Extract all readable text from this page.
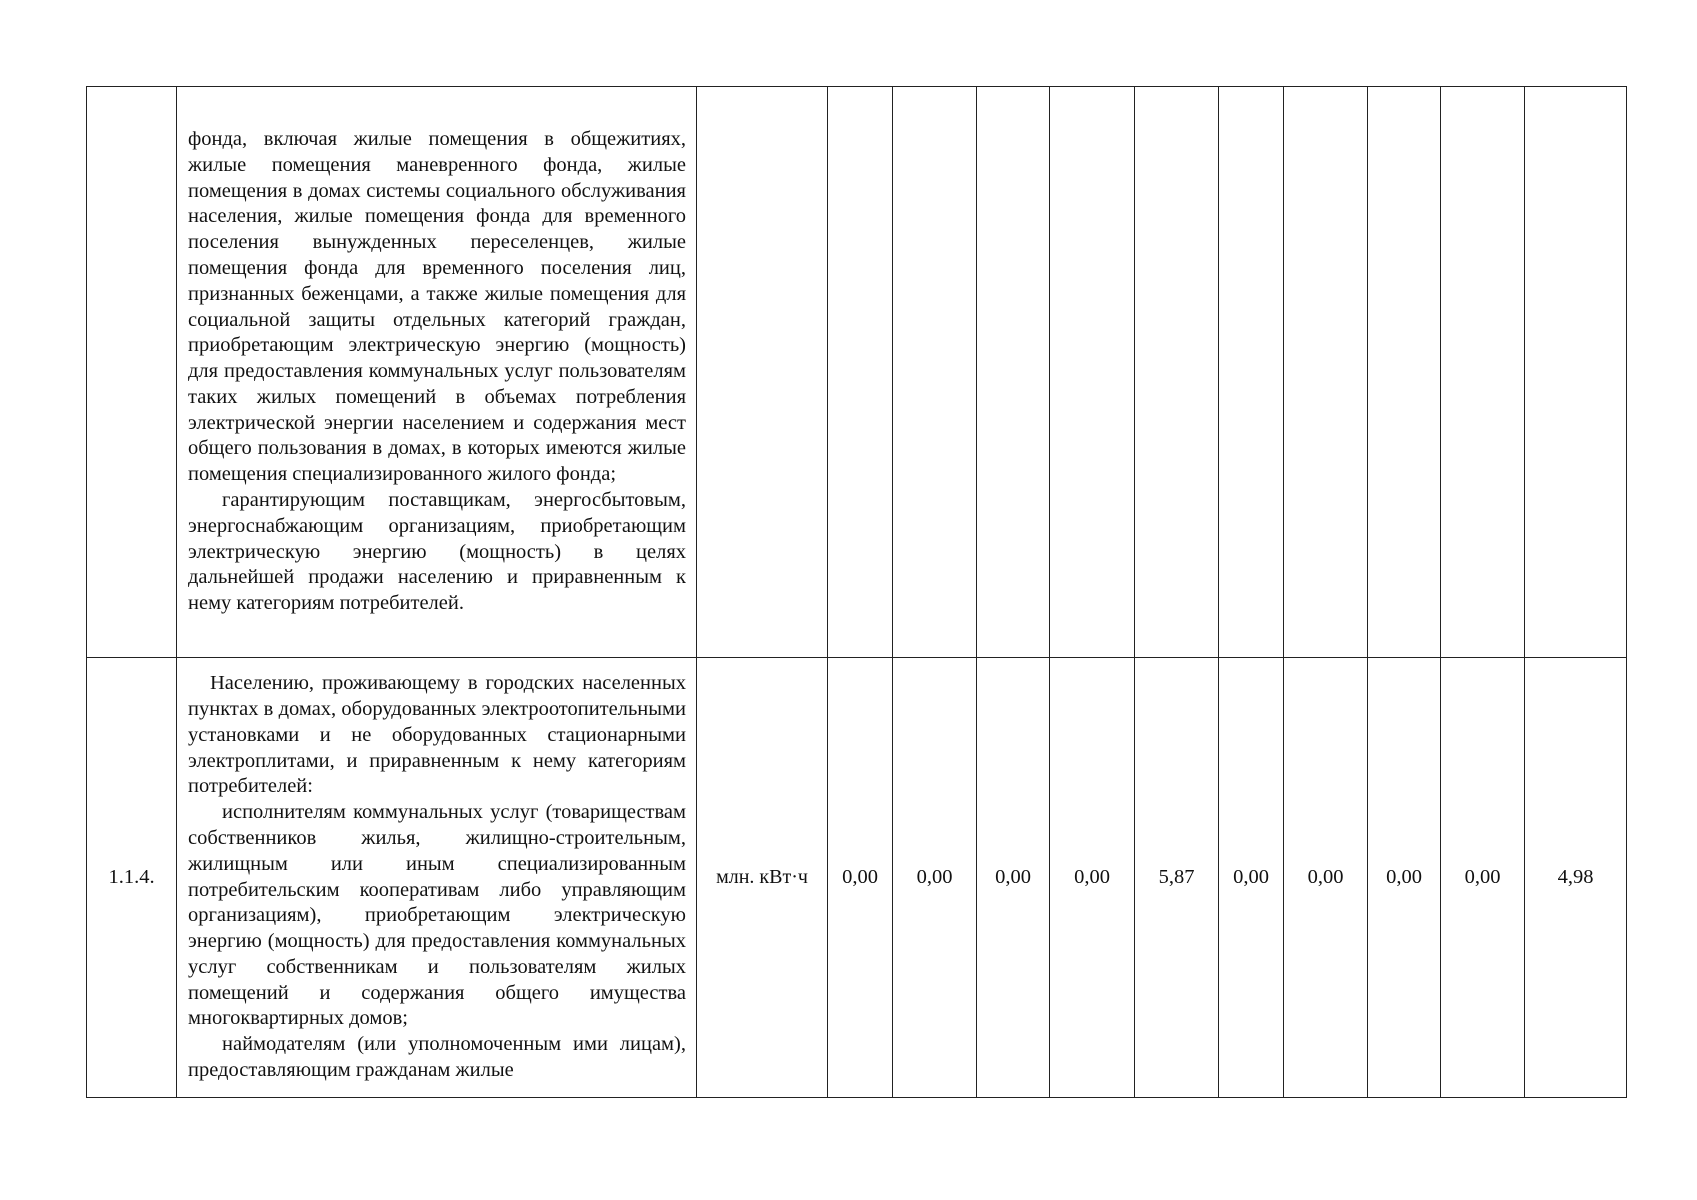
	фонда, включая жилые помещения в общежитиях, жилые помещения маневренного фонда, жилые помещения в домах системы социального обслуживания населения, жилые помещения фонда для временного поселения вынужденных переселенцев, жилые помещения фонда для временного поселения лиц, признанных беженцами, а также жилые помещения для социальной защиты отдельных категорий граждан, приобретающим электрическую энергию (мощность) для предоставления коммунальных услуг пользователям таких жилых помещений в объемах потребления электрической энергии населением и содержания мест общего пользования в домах, в которых имеются жилые помещения специализированного жилого фонда;

гарантирующим поставщикам, энергосбытовым, энергоснабжающим организациям, приобретающим электрическую энергию (мощность) в целях дальнейшей продажи населению и приравненным к нему категориям потребителей.											

1.1.4.	Населению, проживающему в городских населенных пунктах в домах, оборудованных электроотопительными установками и не оборудованных стационарными электроплитами, и приравненным к нему категориям потребителей:

исполнителям коммунальных услуг (товариществам собственников жилья, жилищно-строительным, жилищным или иным специализированным потребительским кооперативам либо управляющим организациям), приобретающим электрическую энергию (мощность) для предоставления коммунальных услуг собственникам и пользователям жилых помещений и содержания общего имущества многоквартирных домов;

наймодателям (или уполномоченным ими лицам), предоставляющим гражданам жилые	млн. кВт·ч	0,00	0,00	0,00	0,00	5,87	0,00	0,00	0,00	0,00	4,98
